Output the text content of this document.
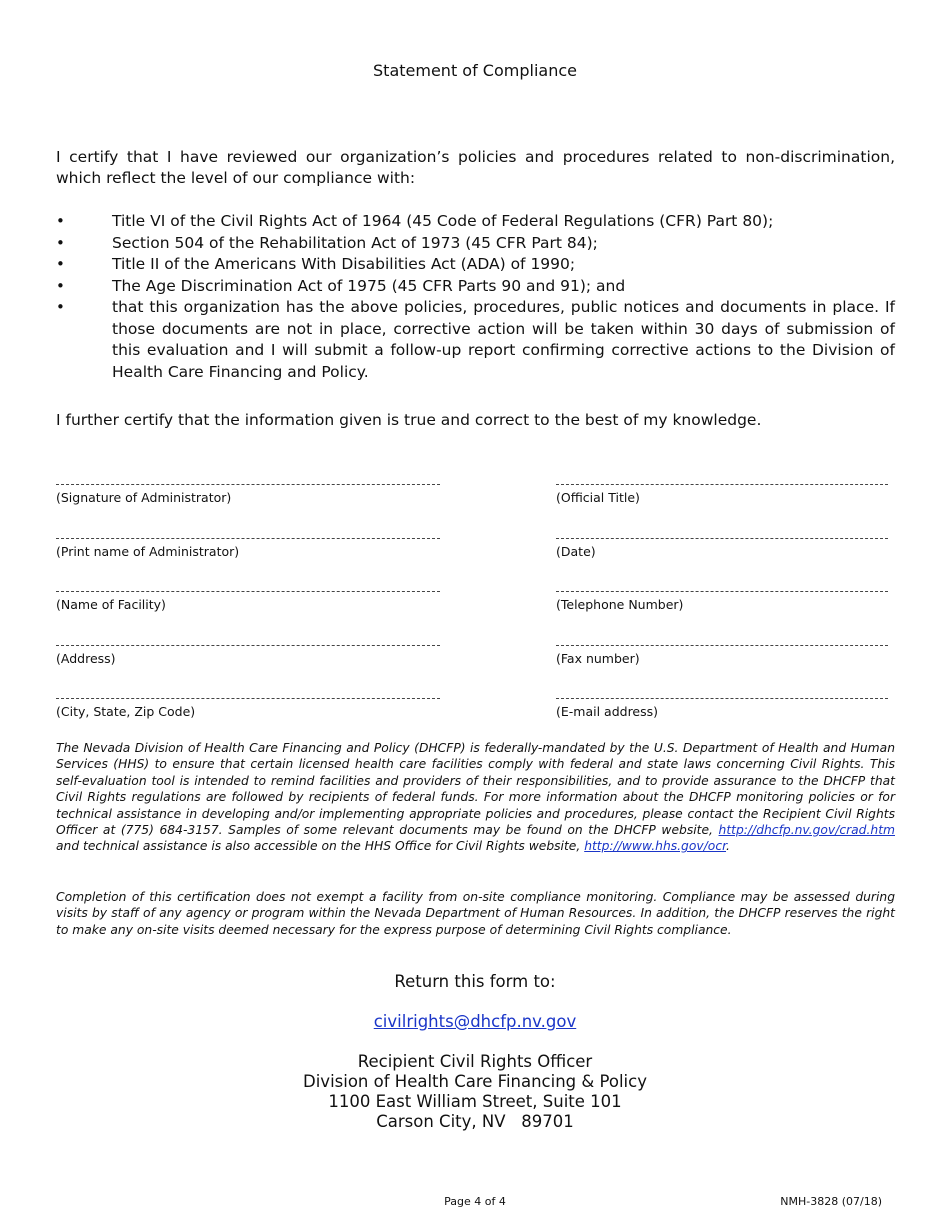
Statement of Compliance
I certify that I have reviewed our organization’s policies and procedures related to non-discrimination, which reflect the level of our compliance with:
•	Title VI of the Civil Rights Act of 1964 (45 Code of Federal Regulations (CFR) Part 80);
•	Section 504 of the Rehabilitation Act of 1973 (45 CFR Part 84);
•	Title II of the Americans With Disabilities Act (ADA) of 1990;
•	The Age Discrimination Act of 1975 (45 CFR Parts 90 and 91); and
•	that this organization has the above policies, procedures, public notices and documents in place. If those documents are not in place, corrective action will be taken within 30 days of submission of this evaluation and I will submit a follow-up report confirming corrective actions to the Division of Health Care Financing and Policy.
I further certify that the information given is true and correct to the best of my knowledge.
(Signature of Administrator)	(Official Title)
(Print name of Administrator)	(Date)
(Name of Facility)	(Telephone Number)
(Address)	(Fax number)
(City, State, Zip Code)	(E-mail address)
The Nevada Division of Health Care Financing and Policy (DHCFP) is federally-mandated by the U.S. Department of Health and Human Services (HHS) to ensure that certain licensed health care facilities comply with federal and state laws concerning Civil Rights. This self-evaluation tool is intended to remind facilities and providers of their responsibilities, and to provide assurance to the DHCFP that Civil Rights regulations are followed by recipients of federal funds. For more information about the DHCFP monitoring policies or for technical assistance in developing and/or implementing appropriate policies and procedures, please contact the Recipient Civil Rights Officer at (775) 684-3157. Samples of some relevant documents may be found on the DHCFP website, http://dhcfp.nv.gov/crad.htm and technical assistance is also accessible on the HHS Office for Civil Rights website, http://www.hhs.gov/ocr.
Completion of this certification does not exempt a facility from on-site compliance monitoring. Compliance may be assessed during visits by staff of any agency or program within the Nevada Department of Human Resources. In addition, the DHCFP reserves the right to make any on-site visits deemed necessary for the express purpose of determining Civil Rights compliance.
Return this form to:
civilrights@dhcfp.nv.gov
Recipient Civil Rights Officer
Division of Health Care Financing & Policy
1100 East William Street, Suite 101
Carson City, NV   89701
Page 4 of 4	NMH-3828 (07/18)
